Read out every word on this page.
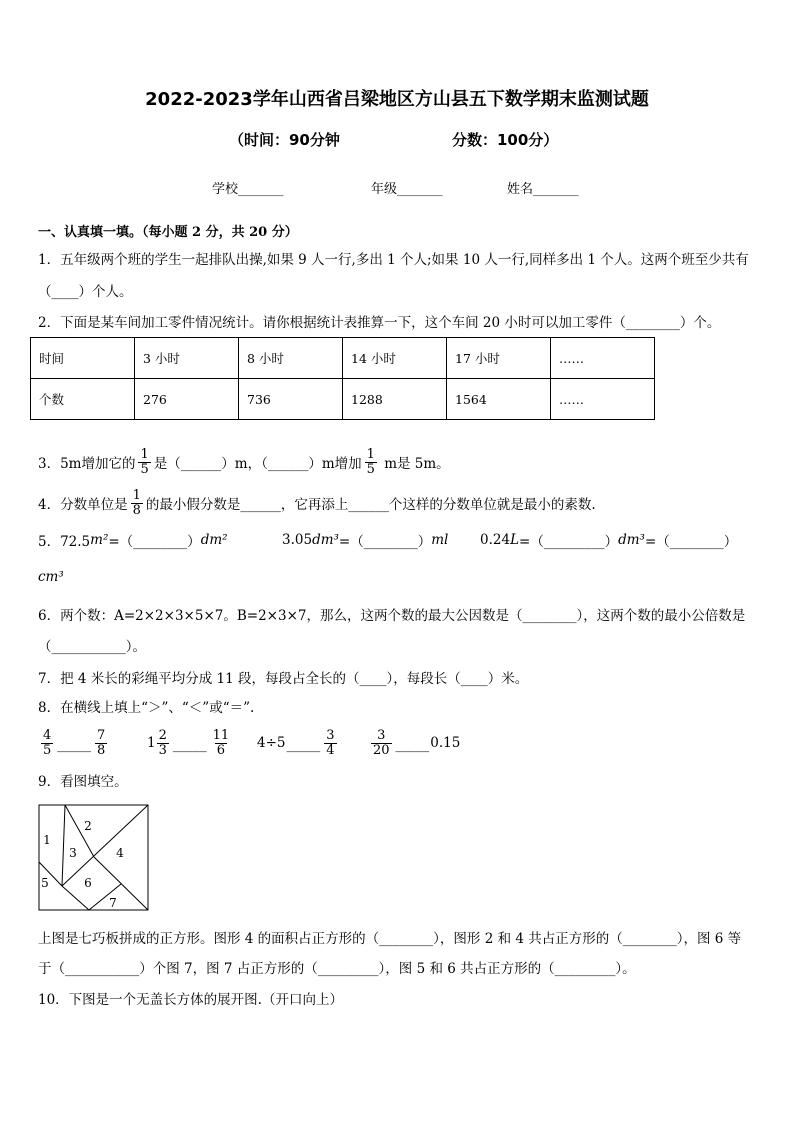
2022-2023学年山西省吕梁地区方山县五下数学期末监测试题
（时间：90分钟	分数：100分）
学校_______	年级_______	姓名_______
一、认真填一填。（每小题 2 分，共 20 分）
1．五年级两个班的学生一起排队出操,如果 9 人一行,多出 1 个人;如果 10 人一行,同样多出 1 个人。这两个班至少共有
（____）个人。
2．下面是某车间加工零件情况统计。请你根据统计表推算一下，这个车间 20 小时可以加工零件（________）个。
时间	3 小时	8 小时	14 小时	17 小时	……
个数	276	736	1288	1564	……
3．5m增加它的 $\frac{1}{5}$ 是（______）m，（______）m增加 $\frac{1}{5}$ m是 5m。
4．分数单位是 $\frac{1}{8}$ 的最小假分数是______，它再添上______个这样的分数单位就是最小的素数.
5．72.5 m² =（________） dm²	3.05 dm³ =（________） ml 0.24 L =（_________） dm³ =（________）
cm³
6．两个数：A=2×2×3×5×7。B=2×3×7，那么，这两个数的最大公因数是（________），这两个数的最小公倍数是
（___________）。
7．把 4 米长的彩绳平均分成 11 段，每段占全长的（____），每段长（____）米。
8．在横线上填上“＞”、“＜”或“＝”.
$\frac{4}{5}$ _____ $\frac{7}{8}$	$1 \frac{2}{3}$ _____ $\frac{11}{6} 4\div 5$ _____ $\frac{3}{4}$	$\frac{3}{20}$ _____ 0.15
9．看图填空。
1
2
3	4
5	6
7
上图是七巧板拼成的正方形。图形 4 的面积占正方形的（________），图形 2 和 4 共占正方形的（________），图 6 等
于（___________）个图 7，图 7 占正方形的（_________），图 5 和 6 共占正方形的（_________）。
10．下图是一个无盖长方体的展开图.（开口向上）
